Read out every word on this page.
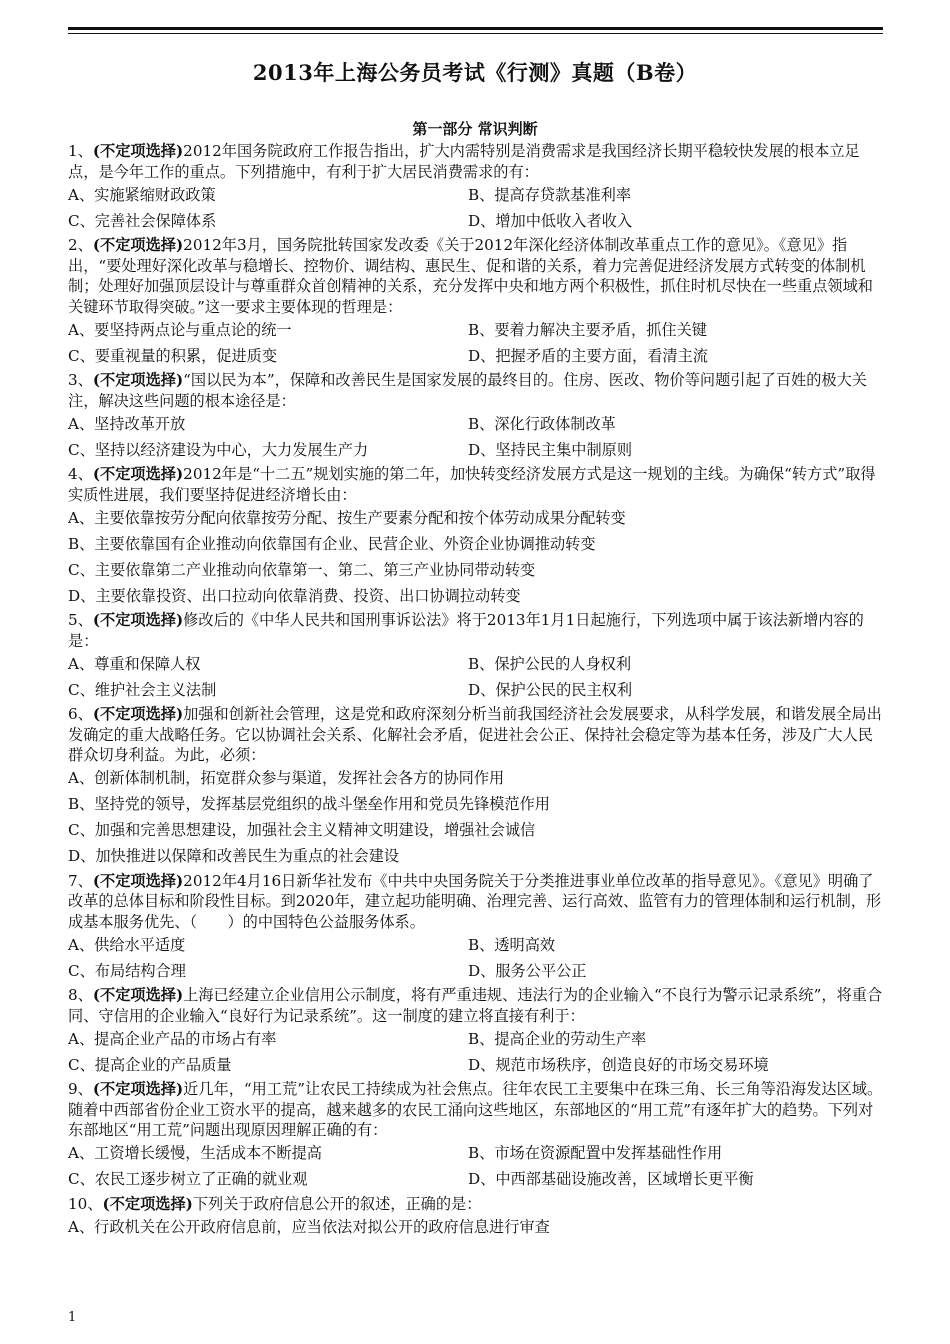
2013年上海公务员考试《行测》真题（B卷）
第一部分 常识判断
1、(不定项选择)2012年国务院政府工作报告指出，扩大内需特别是消费需求是我国经济长期平稳较快发展的根本立足点，是今年工作的重点。下列措施中，有利于扩大居民消费需求的有：
A、实施紧缩财政政策	B、提高存贷款基准利率
C、完善社会保障体系	D、增加中低收入者收入
2、(不定项选择)2012年3月，国务院批转国家发改委《关于2012年深化经济体制改革重点工作的意见》。《意见》指出，“要处理好深化改革与稳增长、控物价、调结构、惠民生、促和谐的关系，着力完善促进经济发展方式转变的体制机制；处理好加强顶层设计与尊重群众首创精神的关系，充分发挥中央和地方两个积极性，抓住时机尽快在一些重点领域和关键环节取得突破。”这一要求主要体现的哲理是：
A、要坚持两点论与重点论的统一	B、要着力解决主要矛盾，抓住关键
C、要重视量的积累，促进质变	D、把握矛盾的主要方面，看清主流
3、(不定项选择)“国以民为本”，保障和改善民生是国家发展的最终目的。住房、医改、物价等问题引起了百姓的极大关注，解决这些问题的根本途径是：
A、坚持改革开放	B、深化行政体制改革
C、坚持以经济建设为中心，大力发展生产力	D、坚持民主集中制原则
4、(不定项选择)2012年是“十二五”规划实施的第二年，加快转变经济发展方式是这一规划的主线。为确保“转方式”取得实质性进展，我们要坚持促进经济增长由：
A、主要依靠按劳分配向依靠按劳分配、按生产要素分配和按个体劳动成果分配转变
B、主要依靠国有企业推动向依靠国有企业、民营企业、外资企业协调推动转变
C、主要依靠第二产业推动向依靠第一、第二、第三产业协同带动转变
D、主要依靠投资、出口拉动向依靠消费、投资、出口协调拉动转变
5、(不定项选择)修改后的《中华人民共和国刑事诉讼法》将于2013年1月1日起施行，下列选项中属于该法新增内容的是：
A、尊重和保障人权	B、保护公民的人身权利
C、维护社会主义法制	D、保护公民的民主权利
6、(不定项选择)加强和创新社会管理，这是党和政府深刻分析当前我国经济社会发展要求，从科学发展，和谐发展全局出发确定的重大战略任务。它以协调社会关系、化解社会矛盾，促进社会公正、保持社会稳定等为基本任务，涉及广大人民群众切身利益。为此，必须：
A、创新体制机制，拓宽群众参与渠道，发挥社会各方的协同作用
B、坚持党的领导，发挥基层党组织的战斗堡垒作用和党员先锋模范作用
C、加强和完善思想建设，加强社会主义精神文明建设，增强社会诚信
D、加快推进以保障和改善民生为重点的社会建设
7、(不定项选择)2012年4月16日新华社发布《中共中央国务院关于分类推进事业单位改革的指导意见》。《意见》明确了改革的总体目标和阶段性目标。到2020年，建立起功能明确、治理完善、运行高效、监管有力的管理体制和运行机制，形成基本服务优先、（　　）的中国特色公益服务体系。
A、供给水平适度	B、透明高效
C、布局结构合理	D、服务公平公正
8、(不定项选择)上海已经建立企业信用公示制度，将有严重违规、违法行为的企业输入“不良行为警示记录系统”，将重合同、守信用的企业输入“良好行为记录系统”。这一制度的建立将直接有利于：
A、提高企业产品的市场占有率	B、提高企业的劳动生产率
C、提高企业的产品质量	D、规范市场秩序，创造良好的市场交易环境
9、(不定项选择)近几年，“用工荒”让农民工持续成为社会焦点。往年农民工主要集中在珠三角、长三角等沿海发达区域。随着中西部省份企业工资水平的提高，越来越多的农民工涌向这些地区，东部地区的“用工荒”有逐年扩大的趋势。下列对东部地区“用工荒”问题出现原因理解正确的有：
A、工资增长缓慢，生活成本不断提高	B、市场在资源配置中发挥基础性作用
C、农民工逐步树立了正确的就业观	D、中西部基础设施改善，区域增长更平衡
10、(不定项选择)下列关于政府信息公开的叙述，正确的是：
A、行政机关在公开政府信息前，应当依法对拟公开的政府信息进行审查
1
